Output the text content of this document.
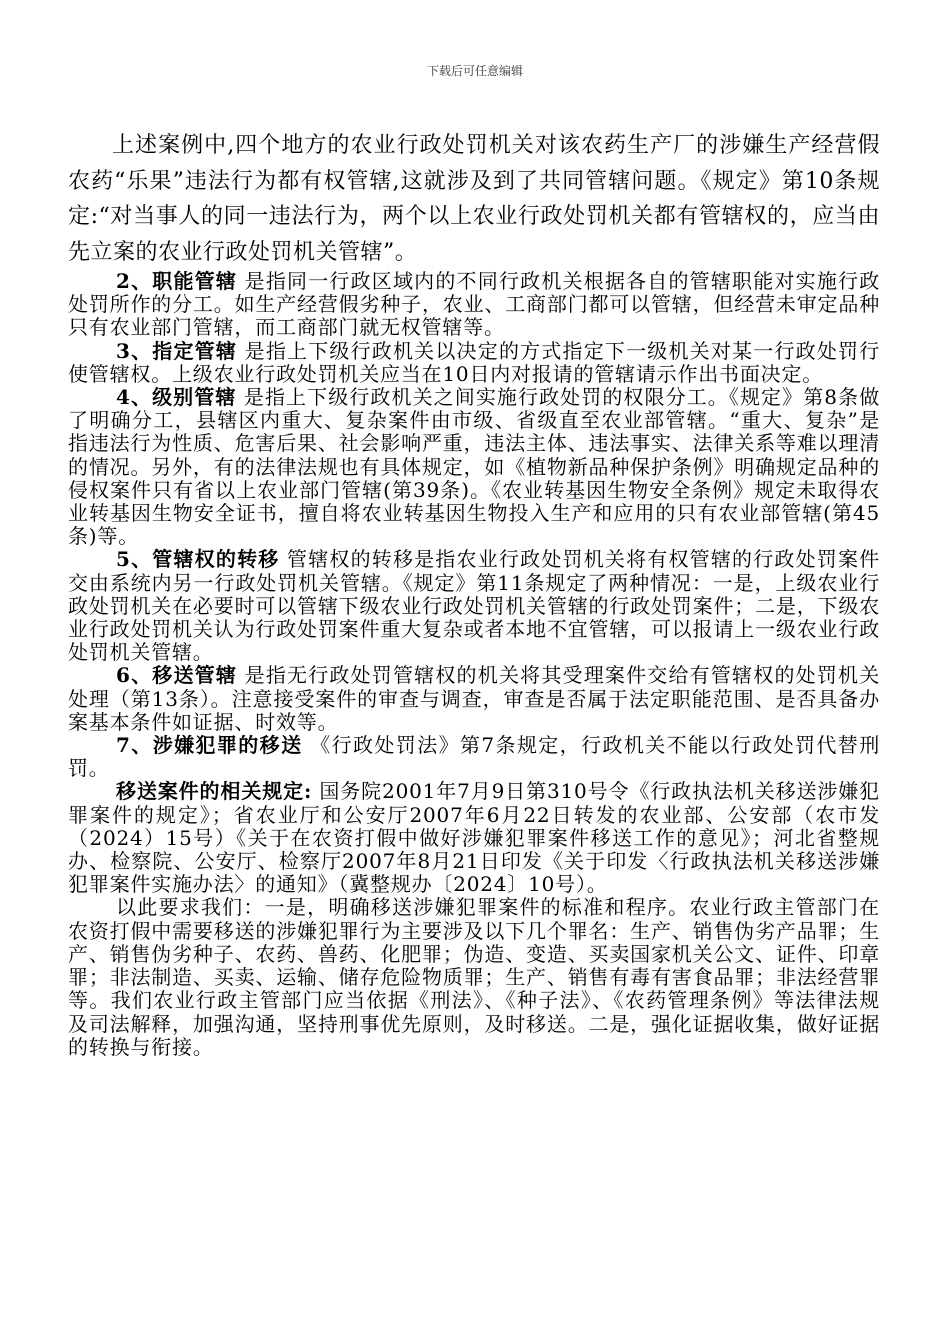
下载后可任意编辑

上述案例中,四个地方的农业行政处罚机关对该农药生产厂的涉嫌生产经营假农药“乐果”违法行为都有权管辖,这就涉及到了共同管辖问题。《规定》第10条规定:“对当事人的同一违法行为，两个以上农业行政处罚机关都有管辖权的，应当由先立案的农业行政处罚机关管辖”。

2、职能管辖 是指同一行政区域内的不同行政机关根据各自的管辖职能对实施行政处罚所作的分工。如生产经营假劣种子，农业、工商部门都可以管辖，但经营未审定品种只有农业部门管辖，而工商部门就无权管辖等。

3、指定管辖 是指上下级行政机关以决定的方式指定下一级机关对某一行政处罚行使管辖权。上级农业行政处罚机关应当在10日内对报请的管辖请示作出书面决定。

4、级别管辖 是指上下级行政机关之间实施行政处罚的权限分工。《规定》第8条做了明确分工，县辖区内重大、复杂案件由市级、省级直至农业部管辖。“重大、复杂”是指违法行为性质、危害后果、社会影响严重，违法主体、违法事实、法律关系等难以理清的情况。另外，有的法律法规也有具体规定，如《植物新品种保护条例》明确规定品种的侵权案件只有省以上农业部门管辖(第39条)。《农业转基因生物安全条例》规定未取得农业转基因生物安全证书，擅自将农业转基因生物投入生产和应用的只有农业部管辖(第45条)等。

5、管辖权的转移 管辖权的转移是指农业行政处罚机关将有权管辖的行政处罚案件交由系统内另一行政处罚机关管辖。《规定》第11条规定了两种情况：一是，上级农业行政处罚机关在必要时可以管辖下级农业行政处罚机关管辖的行政处罚案件；二是，下级农业行政处罚机关认为行政处罚案件重大复杂或者本地不宜管辖，可以报请上一级农业行政处罚机关管辖。

6、移送管辖 是指无行政处罚管辖权的机关将其受理案件交给有管辖权的处罚机关处理（第13条）。注意接受案件的审查与调查，审查是否属于法定职能范围、是否具备办案基本条件如证据、时效等。

7、涉嫌犯罪的移送 《行政处罚法》第7条规定，行政机关不能以行政处罚代替刑罚。

移送案件的相关规定: 国务院2001年7月9日第310号令《行政执法机关移送涉嫌犯罪案件的规定》；省农业厅和公安厅2007年6月22日转发的农业部、公安部（农市发（2024）15号）《关于在农资打假中做好涉嫌犯罪案件移送工作的意见》；河北省整规办、检察院、公安厅、检察厅2007年8月21日印发《关于印发〈行政执法机关移送涉嫌犯罪案件实施办法〉的通知》（冀整规办〔2024〕10号）。

以此要求我们：一是，明确移送涉嫌犯罪案件的标准和程序。农业行政主管部门在农资打假中需要移送的涉嫌犯罪行为主要涉及以下几个罪名：生产、销售伪劣产品罪；生产、销售伪劣种子、农药、兽药、化肥罪；伪造、变造、买卖国家机关公文、证件、印章罪；非法制造、买卖、运输、储存危险物质罪；生产、销售有毒有害食品罪；非法经营罪等。我们农业行政主管部门应当依据《刑法》、《种子法》、《农药管理条例》等法律法规及司法解释，加强沟通，坚持刑事优先原则，及时移送。二是，强化证据收集，做好证据的转换与衔接。
